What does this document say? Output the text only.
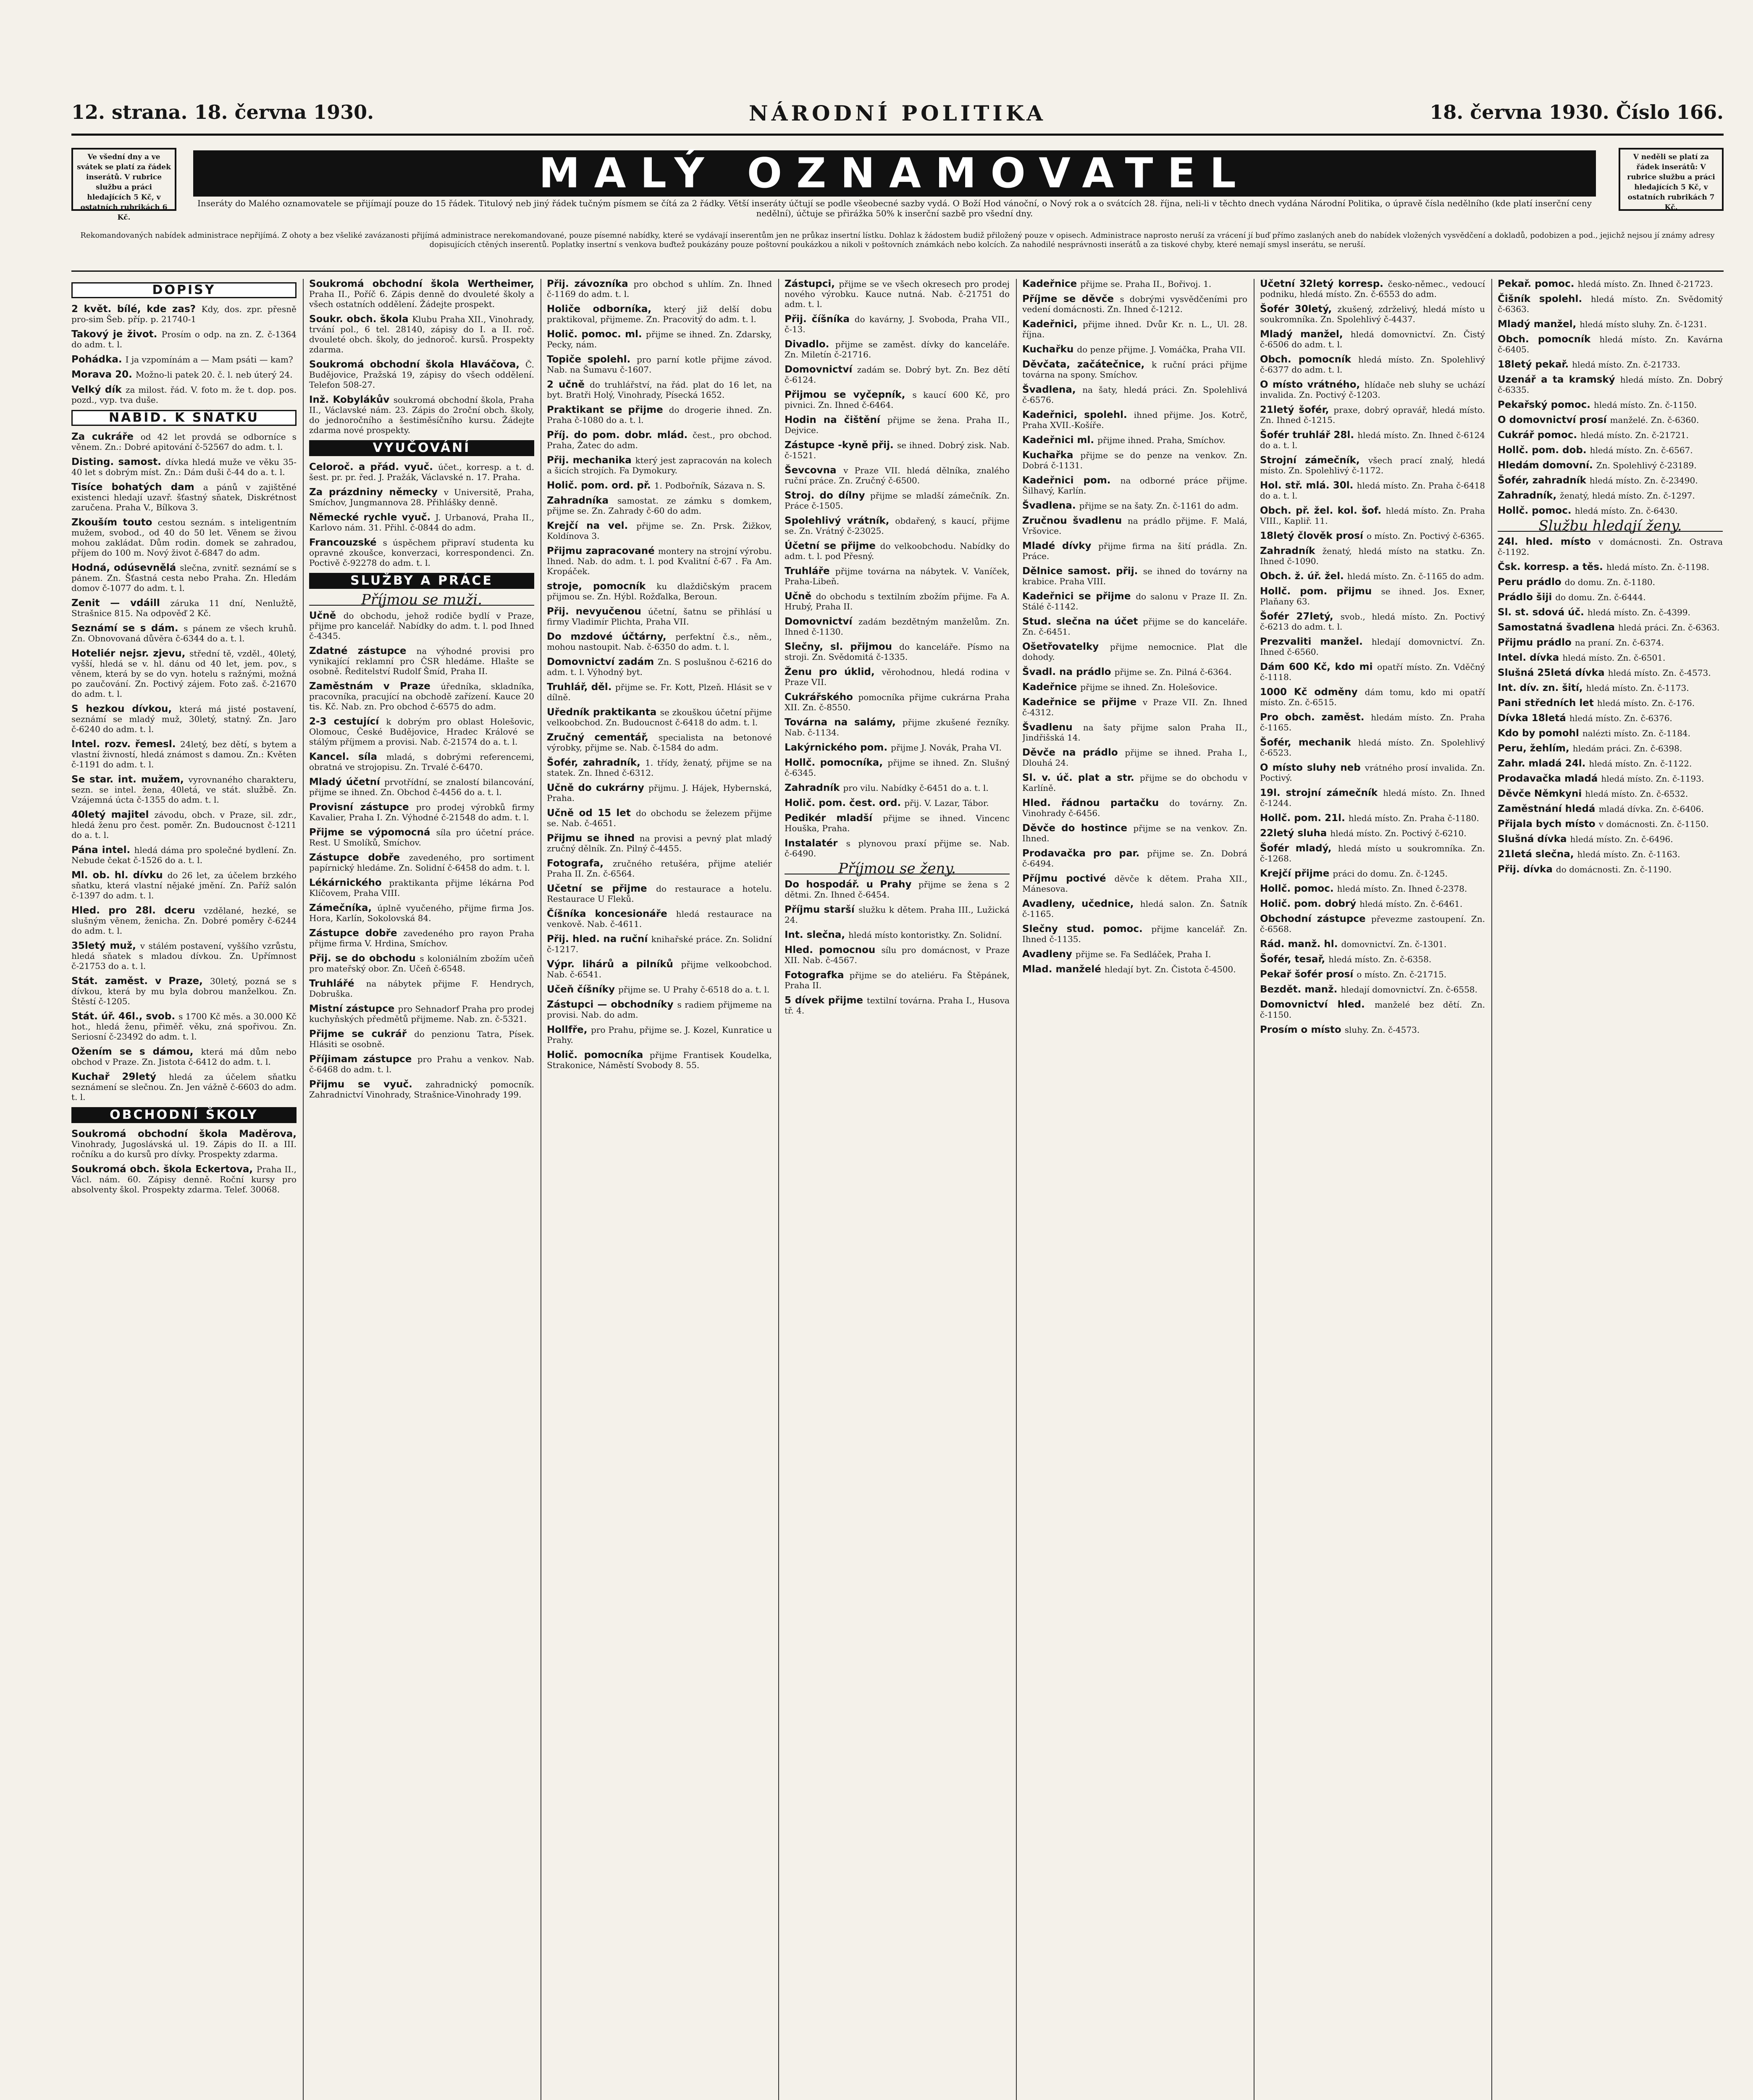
NÁRODNÍ POLITIKA
12. strana. 18. června 1930.	18. června 1930. Číslo 166.
Ve všední dny a ve svátek se platí za řádek inserátů. V rubrice službu a práci hledajících 5 Kč, v ostatních rubrikách 6 Kč.
MALÝ OZNAMOVATEL	V neděli se platí za řádek inserátů: V rubrice službu a práci hledajících 5 Kč, v ostatních rubrikách 7 Kč.
Inseráty do Malého oznamovatele se přijímají pouze do 15 řádek. Titulový neb jiný řádek tučným písmem se čítá za 2 řádky. Větší inseráty účtují se podle všeobecné sazby vydá. O Boží Hod vánoční, o Nový rok a o svátcích 28. října, neli-li v těchto dnech vydána Národní Politika, o úpravě čísla nedělního (kde platí inserční ceny nedělní), účtuje se přirážka 50% k inserční sazbě pro všední dny.
Rekomandovaných nabídek administrace nepřijímá. Z ohoty a bez všeliké zavázanosti přijímá administrace nerekomandované, pouze písemné nabídky, které se vydávají inserentům jen ne průkaz insertní lístku. Dohlaz k žádostem budiž přiložený pouze v opisech. Administrace naprosto neruší za vrácení jí buď přímo zaslaných aneb do nabídek vložených vysvědčení a dokladů, podobizen a pod., jejichž nejsou jí známy adresy dopisujících ctěných inserentů. Poplatky insertní s venkova buďtež poukázány pouze poštovní poukázkou a nikoli v poštovních známkách nebo kolcích. Za nahodilé nesprávnosti inserátů a za tiskové chyby, které nemají smysl inserátu, se neruší.
DOPISY
2 květ. bílé, kde zas? Kdy, dos. zpr. přesně pro-sim Šeb. příp. p. 21740-1
Takový je život. Prosím o odp. na zn. Z. č-1364 do adm. t. l.
Pohádka. I ja vzpomínám a — Mam psáti — kam?
Morava 20. Možno-li patek 20. č. l. neb úterý 24.
Velký dík za milost. řád. V. foto m. že t. dop. pos. pozd., vyp. tva duše.
NABÍD. K SŇATKU
Za cukráře od 42 let provdá se odborníce s věnem. Zn.: Dobré apitování č-52567 do adm. t. l.
Disting. samost. dívka hledá muže ve věku 35-40 let s dobrým míst. Zn.: Dám duši č-44 do a. t. l.
Tisíce bohatých dam a pánů v zajištěné existenci hledají uzavř. šťastný sňatek, Diskrétnost zaručena. Praha V., Bílkova 3.
Zkouším touto cestou seznám. s inteligentním mužem, svobod., od 40 do 50 let. Věnem se živou mohou zakládat. Dům rodin. domek se zahradou, příjem do 100 m. Nový život č-6847 do adm.
Hodná, odúsevnělá slečna, zvnitř. seznámí se s pánem. Zn. Šťastná cesta nebo Praha. Zn. Hledám domov č-1077 do adm. t. l.
Zenit — vdáill záruka 11 dní, Nenlužtě, Strašnice 815. Na odpověď 2 Kč.
Seznámí se s dám. s pánem ze všech kruhů. Zn. Obnovovaná důvěra č-6344 do a. t. l.
Hoteliér nejsr. zjevu, střední tě, vzděl., 40letý, vyšší, hledá se v. hl. dánu od 40 let, jem. pov., s věnem, která by se do vyn. hotelu s ražnými, možná po zaučování. Zn. Poctivý zájem. Foto zaš. č-21670 do adm. t. l.
S hezkou dívkou, která má jisté postavení, seznámí se mladý muž, 30letý, statný. Zn. Jaro č-6240 do adm. t. l.
Intel. rozv. řemesl. 24letý, bez dětí, s bytem a vlastní živností, hledá známost s damou. Zn.: Květen č-1191 do adm. t. l.
Se star. int. mužem, vyrovnaného charakteru, sezn. se intel. žena, 40letá, ve stát. službě. Zn. Vzájemná úcta č-1355 do adm. t. l.
40letý majitel závodu, obch. v Praze, sil. zdr., hledá ženu pro čest. poměr. Zn. Budoucnost č-1211 do a. t. l.
Pána intel. hledá dáma pro společné bydlení. Zn. Nebude čekat č-1526 do a. t. l.
Ml. ob. hl. dívku do 26 let, za účelem brzkého sňatku, která vlastní nějaké jmění. Zn. Paříž salón č-1397 do adm. t. l.
Hled. pro 28l. dceru vzdělané, hezké, se slušným věnem, ženicha. Zn. Dobré poměry č-6244 do adm. t. l.
35letý muž, v stálém postavení, vyššího vzrůstu, hledá sňatek s mladou dívkou. Zn. Upřímnost č-21753 do a. t. l.
Stát. zaměst. v Praze, 30letý, pozná se s dívkou, která by mu byla dobrou manželkou. Zn. Štěstí č-1205.
Stát. úř. 46l., svob. s 1700 Kč měs. a 30.000 Kč hot., hledá ženu, přiměř. věku, zná spořivou. Zn. Seriosní č-23492 do adm. t. l.
Ožením se s dámou, která má dům nebo obchod v Praze. Zn. Jistota č-6412 do adm. t. l.
Kuchař 29letý hledá za účelem sňatku seznámení se slečnou. Zn. Jen vážně č-6603 do adm. t. l.
OBCHODNÍ ŠKOLY
Soukromá obchodní škola Maděrova, Vinohrady, Jugoslávská ul. 19. Zápis do II. a III. ročníku a do kursů pro dívky. Prospekty zdarma.
Soukromá obch. škola Eckertova, Praha II., Václ. nám. 60. Zápisy denně. Roční kursy pro absolventy škol. Prospekty zdarma. Telef. 30068.
Soukromá obchodní škola Wertheimer, Praha II., Poříč 6. Zápis denně do dvouleté školy a všech ostatních oddělení. Žádejte prospekt.
Soukr. obch. škola Klubu Praha XII., Vinohrady, trvání pol., 6 tel. 28140, zápisy do I. a II. roč. dvouleté obch. školy, do jednoroč. kursů. Prospekty zdarma.
Soukromá obchodní škola Hlaváčova, Č. Budějovice, Pražská 19, zápisy do všech oddělení. Telefon 508-27.
Inž. Kobylákův soukromá obchodní škola, Praha II., Václavské nám. 23. Zápis do 2roční obch. školy, do jednoročního a šestiměsíčního kursu. Žádejte zdarma nové prospekty.
VYUČOVÁNÍ
Celoroč. a přád. vyuč. účet., korresp. a t. d. šest. pr. pr. řed. J. Pražák, Václavské n. 17. Praha.
Za prázdniny německy v Universitě, Praha, Smíchov, Jungmannova 28. Přihlášky denně.
Německé rychle vyuč. J. Urbanová, Praha II., Karlovo nám. 31. Přihl. č-0844 do adm.
Francouzské s úspěchem připraví studenta ku opravné zkoušce, konverzaci, korrespondenci. Zn. Poctivě č-92278 do adm. t. l.
SLUŽBY A PRÁCE
Příjmou se muži.
Učně do obchodu, jehož rodiče bydlí v Praze, přijme pro kancelář. Nabídky do adm. t. l. pod Ihned č-4345.
Zdatné zástupce na výhodné provisi pro vynikající reklamní pro ČSR hledáme. Hlašte se osobně. Ředitelství Rudolf Šmíd, Praha II.
Zaměstnám v Praze úředníka, skladníka, pracovníka, pracující na obchodě zařízení. Kauce 20 tis. Kč. Nab. zn. Pro obchod č-6575 do adm.
2-3 cestující k dobrým pro oblast Holešovic, Olomouc, České Budějovice, Hradec Králové se stálým příjmem a provisi. Nab. č-21574 do a. t. l.
Kancel. síla mladá, s dobrými referencemi, obratná ve strojopisu. Zn. Trvalé č-6470.
Mladý účetní prvotřídní, se znalostí bilancování, přijme se ihned. Zn. Obchod č-4456 do a. t. l.
Provisní zástupce pro prodej výrobků firmy Kavalier, Praha I. Zn. Výhodné č-21548 do adm. t. l.
Přijme se výpomocná síla pro účetní práce. Rest. U Smolíků, Smíchov.
Zástupce dobře zavedeného, pro sortiment papírnický hledáme. Zn. Solidní č-6458 do adm. t. l.
Lékárnického praktikanta přijme lékárna Pod Klíčovem, Praha VIII.
Zámečníka, úplně vyučeného, přijme firma Jos. Hora, Karlín, Sokolovská 84.
Zástupce dobře zavedeného pro rayon Praha přijme firma V. Hrdina, Smíchov.
Přij. se do obchodu s koloniálním zbožím učeň pro mateřský obor. Zn. Učeň č-6548.
Truhlářé na nábytek přijme F. Hendrych, Dobruška.
Mistní zástupce pro Sehnadorf Praha pro prodej kuchyňských předmětů přijmeme. Nab. zn. č-5321.
Přijme se cukrář do penzionu Tatra, Písek. Hlásiti se osobně.
Příjimam zástupce pro Prahu a venkov. Nab. č-6468 do adm. t. l.
Přijmu se vyuč. zahradnický pomocník. Zahradnictví Vinohrady, Strašnice-Vinohrady 199.
Přij. závozníka pro obchod s uhlím. Zn. Ihned č-1169 do adm. t. l.
Holiče odborníka, který již delší dobu praktikoval, přijmeme. Zn. Pracovitý do adm. t. l.
Holič. pomoc. ml. přijme se ihned. Zn. Zdarsky, Pecky, nám.
Topiče spolehl. pro parní kotle přijme závod. Nab. na Šumavu č-1607.
2 učně do truhlářství, na řád. plat do 16 let, na byt. Bratři Holý, Vinohrady, Písecká 1652.
Praktikant se přijme do drogerie ihned. Zn. Praha č-1080 do a. t. l.
Příj. do pom. dobr. mlád. čest., pro obchod. Praha, Žatec do adm.
Přij. mechanika který jest zapracován na kolech a šicích strojích. Fa Dymokury.
Holič. pom. ord. př. 1. Podbořník, Sázava n. S.
Zahradníka samostat. ze zámku s domkem, přijme se. Zn. Zahrady č-60 do adm.
Krejčí na vel. přijme se. Zn. Prsk. Žižkov, Koldínova 3.
Přijmu zapracované montery na strojní výrobu. Ihned. Nab. do adm. t. l. pod Kvalitní č-67 . Fa Am. Kropáček.
stroje, pomocník ku dlaždičským pracem přijmou se. Zn. Hýbl. Rožďalka, Beroun.
Přij. nevyučenou účetní, šatnu se přihlásí u firmy Vladimír Plichta, Praha VII.
Do mzdové účtárny, perfektní č.s., něm., mohou nastoupit. Nab. č-6350 do adm. t. l.
Domovnictví zadám Zn. S poslušnou č-6216 do adm. t. l. Výhodný byt.
Truhlář, děl. přijme se. Fr. Kott, Plzeň. Hlásit se v dílně.
Uředník praktikanta se zkouškou účetní přijme velkoobchod. Zn. Budoucnost č-6418 do adm. t. l.
Zručný cementář, specialista na betonové výrobky, přijme se. Nab. č-1584 do adm.
Šofér, zahradník, 1. třídy, ženatý, přijme se na statek. Zn. Ihned č-6312.
Učně do cukrárny přijmu. J. Hájek, Hybernská, Praha.
Učně od 15 let do obchodu se železem přijme se. Nab. č-4651.
Přijmu se ihned na provisi a pevný plat mladý zručný dělník. Zn. Pilný č-4455.
Fotografa, zručného retušéra, přijme ateliér Praha II. Zn. č-6564.
Učetní se přijme do restaurace a hotelu. Restaurace U Fleků.
Číšníka koncesionáře hledá restaurace na venkově. Nab. č-4611.
Přij. hled. na ruční knihařské práce. Zn. Solidní č-1217.
Výpr. lihárů a pilníků přijme velkoobchod. Nab. č-6541.
Učeň číšníky přijme se. U Prahy č-6518 do a. t. l.
Zástupci — obchodníky s radiem přijmeme na provisi. Nab. do adm.
Hollfře, pro Prahu, přijme se. J. Kozel, Kunratice u Prahy.
Holič. pomocníka přijme Frantisek Koudelka, Strakonice, Náměstí Svobody 8. 55.
Zástupci, přijme se ve všech okresech pro prodej nového výrobku. Kauce nutná. Nab. č-21751 do adm. t. l.
Přij. číšníka do kavárny, J. Svoboda, Praha VII., č-13.
Divadlo. přijme se zaměst. dívky do kanceláře. Zn. Miletín č-21716.
Domovnictví zadám se. Dobrý byt. Zn. Bez dětí č-6124.
Přijmou se vyčepník, s kaucí 600 Kč, pro pivnici. Zn. Ihned č-6464.
Hodin na čištění přijme se žena. Praha II., Dejvice.
Zástupce -kyně přij. se ihned. Dobrý zisk. Nab. č-1521.
Ševcovna v Praze VII. hledá dělníka, znalého ruční práce. Zn. Zručný č-6500.
Stroj. do dílny přijme se mladší zámečník. Zn. Práce č-1505.
Spolehlivý vrátník, obdařený, s kaucí, přijme se. Zn. Vrátný č-23025.
Účetní se přijme do velkoobchodu. Nabídky do adm. t. l. pod Přesný.
Truhláře přijme továrna na nábytek. V. Vaníček, Praha-Libeň.
Učně do obchodu s textilním zbožím přijme. Fa A. Hrubý, Praha II.
Domovnictví zadám bezdětným manželům. Zn. Ihned č-1130.
Slečny, sl. přijmou do kanceláře. Písmo na stroji. Zn. Svědomitá č-1335.
Ženu pro úklid, věrohodnou, hledá rodina v Praze VII.
Cukrářského pomocníka přijme cukrárna Praha XII. Zn. č-8550.
Továrna na salámy, přijme zkušené řezníky. Nab. č-1134.
Lakýrnického pom. přijme J. Novák, Praha VI.
Hollč. pomocníka, přijme se ihned. Zn. Slušný č-6345.
Zahradník pro vilu. Nabídky č-6451 do a. t. l.
Holič. pom. čest. ord. přij. V. Lazar, Tábor.
Pedikér mladší přijme se ihned. Vincenc Houška, Praha.
Instalatér s plynovou praxí přijme se. Nab. č-6490.
Příjmou se ženy.
Do hospodář. u Prahy přijme se žena s 2 dětmi. Zn. Ihned č-6454.
Příjmu starší služku k dětem. Praha III., Lužická 24.
Int. slečna, hledá místo kontoristky. Zn. Solidní.
Hled. pomocnou sílu pro domácnost, v Praze XII. Nab. č-4567.
Fotografka přijme se do ateliéru. Fa Štěpánek, Praha II.
5 dívek přijme textilní továrna. Praha I., Husova tř. 4.
Kadeřnice přijme se. Praha II., Bořivoj. 1.
Příjme se děvče s dobrými vysvědčeními pro vedení domácnosti. Zn. Ihned č-1212.
Kadeřnici, přijme ihned. Dvůr Kr. n. L., Ul. 28. října.
Kuchařku do penze přijme. J. Vomáčka, Praha VII.
Děvčata, začátečnice, k ruční práci přijme továrna na spony. Smíchov.
Švadlena, na šaty, hledá práci. Zn. Spolehlivá č-6576.
Kadeřnici, spolehl. ihned přijme. Jos. Kotrč, Praha XVII.-Košíře.
Kadeřnici ml. přijme ihned. Praha, Smíchov.
Kuchařka přijme se do penze na venkov. Zn. Dobrá č-1131.
Kadeřnici pom. na odborné práce přijme. Šilhavý, Karlín.
Švadlena. přijme se na šaty. Zn. č-1161 do adm.
Zručnou švadlenu na prádlo přijme. F. Malá, Vršovice.
Mladé dívky přijme firma na šití prádla. Zn. Práce.
Dělnice samost. přij. se ihned do továrny na krabice. Praha VIII.
Kadeřnici se přijme do salonu v Praze II. Zn. Stálé č-1142.
Stud. slečna na účet přijme se do kanceláře. Zn. č-6451.
Ošetřovatelky přijme nemocnice. Plat dle dohody.
Švadl. na prádlo přijme se. Zn. Pilná č-6364.
Kadeřnice přijme se ihned. Zn. Holešovice.
Kadeřnice se přijme v Praze VII. Zn. Ihned č-4312.
Švadlenu na šaty přijme salon Praha II., Jindřišská 14.
Děvče na prádlo přijme se ihned. Praha I., Dlouhá 24.
Sl. v. úč. plat a str. přijme se do obchodu v Karlíně.
Hled. řádnou partačku do továrny. Zn. Vinohrady č-6456.
Děvče do hostince přijme se na venkov. Zn. Ihned.
Prodavačka pro par. přijme se. Zn. Dobrá č-6494.
Příjmu poctivé děvče k dětem. Praha XII., Mánesova.
Avadleny, učednice, hledá salon. Zn. Šatník č-1165.
Slečny stud. pomoc. přijme kancelář. Zn. Ihned č-1135.
Avadleny přijme se. Fa Sedláček, Praha I.
Mlad. manželé hledají byt. Zn. Čistota č-4500.
Účetní 32letý korresp. česko-němec., vedoucí podniku, hledá místo. Zn. č-6553 do adm.
Šofér 30letý, zkušený, zdrželivý, hledá místo u soukromníka. Zn. Spolehlivý č-4437.
Mladý manžel, hledá domovnictví. Zn. Čistý č-6506 do adm. t. l.
Obch. pomocník hledá místo. Zn. Spolehlivý č-6377 do adm. t. l.
O místo vrátného, hlídače neb sluhy se uchází invalida. Zn. Poctivý č-1203.
21letý šofér, praxe, dobrý opravář, hledá místo. Zn. Ihned č-1215.
Šofér truhlář 28l. hledá místo. Zn. Ihned č-6124 do a. t. l.
Strojní zámečník, všech prací znalý, hledá místo. Zn. Spolehlivý č-1172.
Hol. stř. mlá. 30l. hledá místo. Zn. Praha č-6418 do a. t. l.
Obch. př. žel. kol. šof. hledá místo. Zn. Praha VIII., Kapliř. 11.
18letý člověk prosí o místo. Zn. Poctivý č-6365.
Zahradník ženatý, hledá místo na statku. Zn. Ihned č-1090.
Obch. ž. úř. žel. hledá místo. Zn. č-1165 do adm.
Hollč. pom. přijmu se ihned. Jos. Exner, Plaňany 63.
Šofér 27letý, svob., hledá místo. Zn. Poctivý č-6213 do adm. t. l.
Prezvaliti manžel. hledají domovnictví. Zn. Ihned č-6560.
Dám 600 Kč, kdo mi opatří místo. Zn. Vděčný č-1118.
1000 Kč odměny dám tomu, kdo mi opatří místo. Zn. č-6515.
Pro obch. zaměst. hledám místo. Zn. Praha č-1165.
Šofér, mechanik hledá místo. Zn. Spolehlivý č-6523.
O místo sluhy neb vrátného prosí invalida. Zn. Poctivý.
19l. strojní zámečník hledá místo. Zn. Ihned č-1244.
Hollč. pom. 21l. hledá místo. Zn. Praha č-1180.
22letý sluha hledá místo. Zn. Poctivý č-6210.
Šofér mladý, hledá místo u soukromníka. Zn. č-1268.
Krejčí přijme práci do domu. Zn. č-1245.
Hollč. pomoc. hledá místo. Zn. Ihned č-2378.
Holič. pom. dobrý hledá místo. Zn. č-6461.
Obchodní zástupce převezme zastoupení. Zn. č-6568.
Rád. manž. hl. domovnictví. Zn. č-1301.
Šofér, tesař, hledá místo. Zn. č-6358.
Pekař šofér prosí o místo. Zn. č-21715.
Bezdět. manž. hledají domovnictví. Zn. č-6558.
Domovnictví hled. manželé bez dětí. Zn. č-1150.
Prosím o místo sluhy. Zn. č-4573.
Pekař. pomoc. hledá místo. Zn. Ihned č-21723.
Čišník spolehl. hledá místo. Zn. Svědomitý č-6363.
Mladý manžel, hledá místo sluhy. Zn. č-1231.
Obch. pomocník hledá místo. Zn. Kavárna č-6405.
18letý pekař. hledá místo. Zn. č-21733.
Uzenář a ta kramský hledá místo. Zn. Dobrý č-6335.
Pekařský pomoc. hledá místo. Zn. č-1150.
O domovnictví prosí manželé. Zn. č-6360.
Cukrář pomoc. hledá místo. Zn. č-21721.
Hollč. pom. dob. hledá místo. Zn. č-6567.
Hledám domovní. Zn. Spolehlivý č-23189.
Šofér, zahradník hledá místo. Zn. č-23490.
Zahradník, ženatý, hledá místo. Zn. č-1297.
Hollč. pomoc. hledá místo. Zn. č-6430.
Službu hledají ženy.
24l. hled. místo v domácnosti. Zn. Ostrava č-1192.
Čsk. korresp. a těs. hledá místo. Zn. č-1198.
Peru prádlo do domu. Zn. č-1180.
Prádlo šiji do domu. Zn. č-6444.
Sl. st. sdová úč. hledá místo. Zn. č-4399.
Samostatná švadlena hledá práci. Zn. č-6363.
Přijmu prádlo na praní. Zn. č-6374.
Intel. dívka hledá místo. Zn. č-6501.
Slušná 25letá dívka hledá místo. Zn. č-4573.
Int. dív. zn. šití, hledá místo. Zn. č-1173.
Pani středních let hledá místo. Zn. č-176.
Dívka 18letá hledá místo. Zn. č-6376.
Kdo by pomohl nalézti místo. Zn. č-1184.
Peru, žehlím, hledám práci. Zn. č-6398.
Zahr. mladá 24l. hledá místo. Zn. č-1122.
Prodavačka mladá hledá místo. Zn. č-1193.
Děvče Němkyni hledá místo. Zn. č-6532.
Zaměstnání hledá mladá dívka. Zn. č-6406.
Přijala bych místo v domácnosti. Zn. č-1150.
Slušná dívka hledá místo. Zn. č-6496.
21letá slečna, hledá místo. Zn. č-1163.
Přij. dívka do domácnosti. Zn. č-1190.
